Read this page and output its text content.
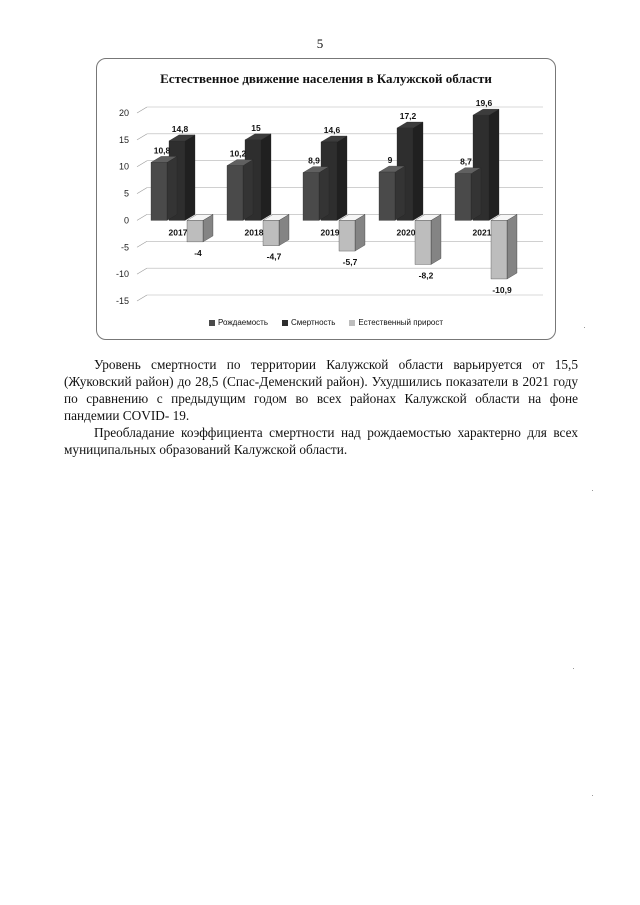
5
Естественное движение населения в Калужской области
20
15
10
5
0
-5
-10
-15
14,8
10,8
-4
2017
15
10,2
-4,7
2018
14,6
8,9
-5,7
2019
17,2
9
-8,2
2020
19,6
8,7
-10,9
2021
Рождаемость	Смертность	Естественный прирост

Уровень смертности по территории Калужской области варьируется от 15,5 (Жуковский район) до 28,5 (Спас-Деменский район). Ухудшились показатели в 2021 году по сравнению с предыдущим годом во всех районах Калужской области на фоне пандемии COVID- 19.

Преобладание коэффициента смертности над рождаемостью характерно для всех муниципальных образований Калужской области.
